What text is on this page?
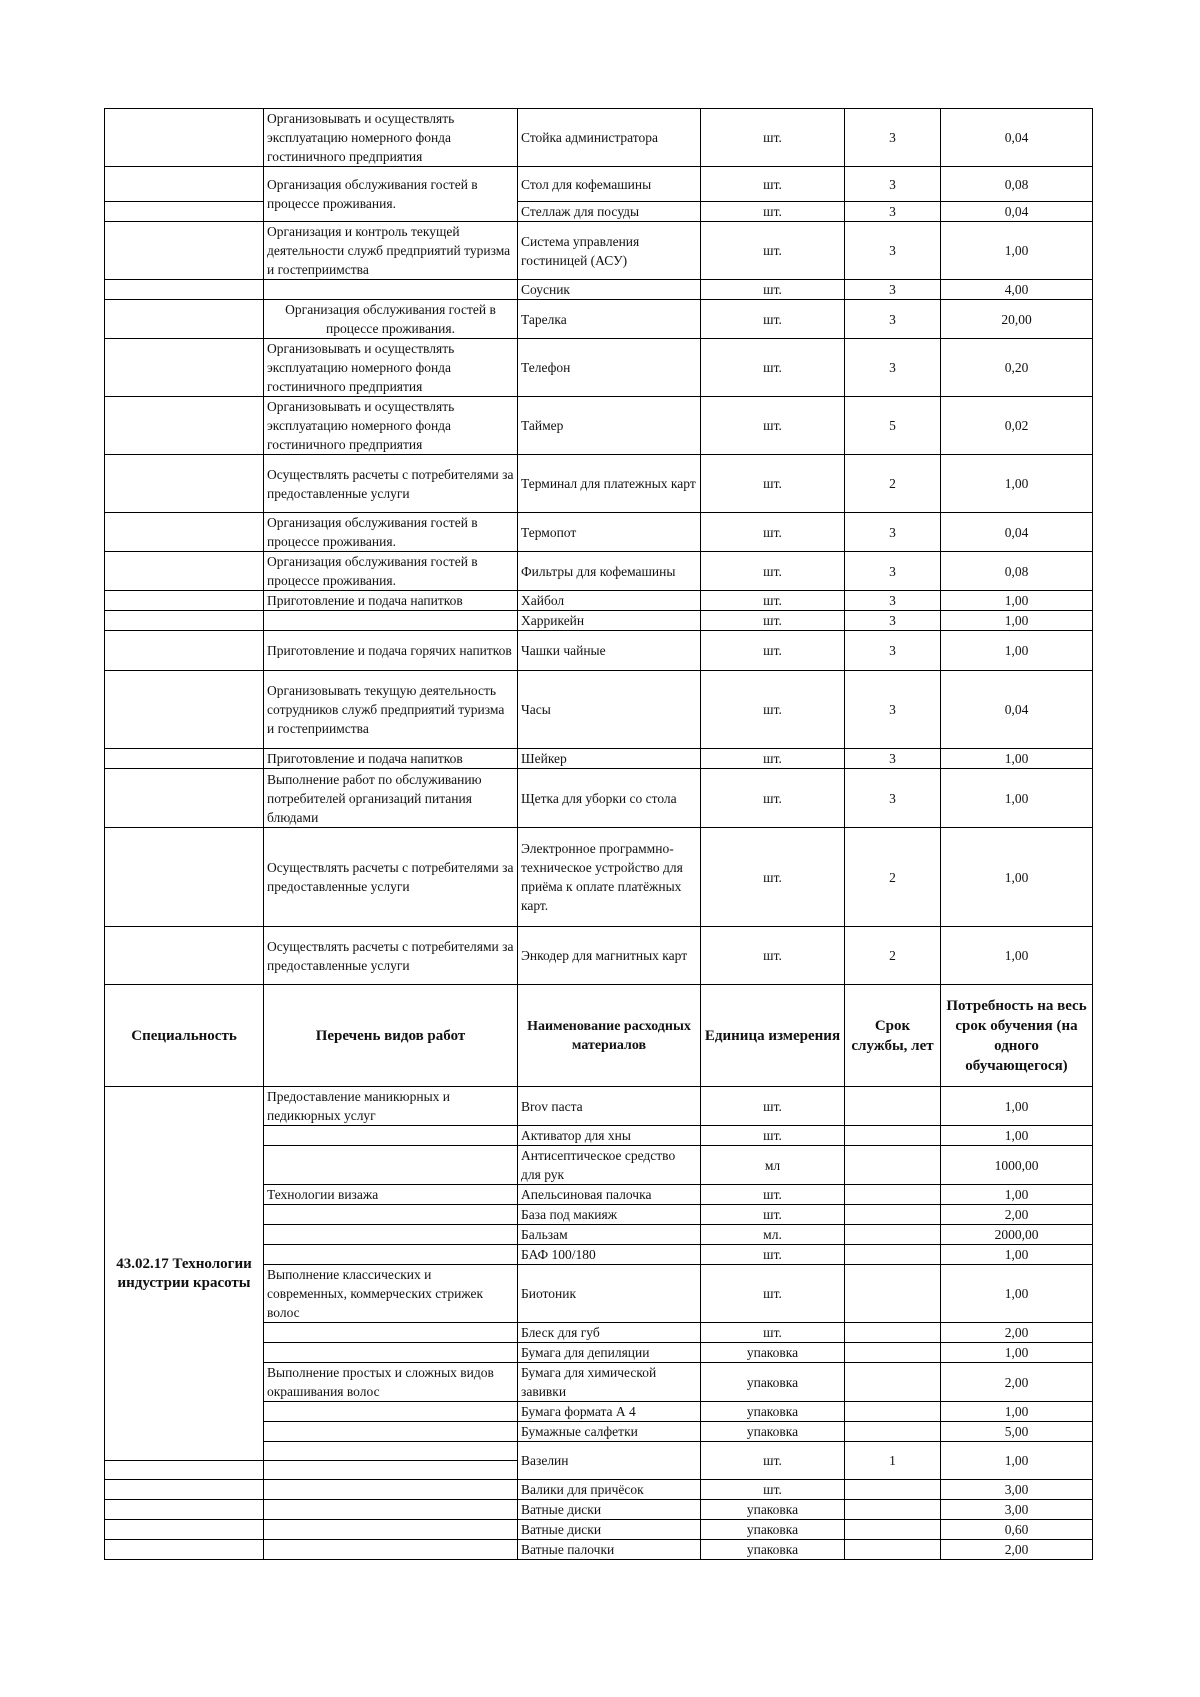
	Организовывать и осуществлять эксплуатацию номерного фонда гостиничного предприятия	Стойка администратора	шт.	3	0,04
	Организация обслуживания гостей в процессе проживания.	Стол для кофемашины	шт.	3	0,08
		Стеллаж для посуды	шт.	3	0,04
	Организация и контроль текущей деятельности служб предприятий туризма и гостеприимства	Система управления гостиницей (АСУ)	шт.	3	1,00
		Соусник	шт.	3	4,00
	Организация обслуживания гостей в процессе проживания.	Тарелка	шт.	3	20,00
	Организовывать и осуществлять эксплуатацию номерного фонда гостиничного предприятия	Телефон	шт.	3	0,20
	Организовывать и осуществлять эксплуатацию номерного фонда гостиничного предприятия	Таймер	шт.	5	0,02
	Осуществлять расчеты с потребителями за предоставленные услуги	Терминал для платежных карт	шт.	2	1,00
	Организация обслуживания гостей в процессе проживания.	Термопот	шт.	3	0,04
	Организация обслуживания гостей в процессе проживания.	Фильтры для кофемашины	шт.	3	0,08
	Приготовление и подача напитков	Хайбол	шт.	3	1,00
		Харрикейн	шт.	3	1,00
	Приготовление и подача горячих напитков	Чашки чайные	шт.	3	1,00
	Организовывать текущую деятельность сотрудников служб предприятий туризма и гостеприимства	Часы	шт.	3	0,04
	Приготовление и подача напитков	Шейкер	шт.	3	1,00
	Выполнение работ по обслуживанию потребителей организаций питания блюдами	Щетка для уборки со стола	шт.	3	1,00
	Осуществлять расчеты с потребителями за предоставленные услуги	Электронное программно-техническое устройство для приёма к оплате платёжных карт.	шт.	2	1,00
	Осуществлять расчеты с потребителями за предоставленные услуги	Энкодер для магнитных карт	шт.	2	1,00
Специальность	Перечень видов работ	Наименование расходных материалов	Единица измерения	Срок службы, лет	Потребность на весь срок обучения (на одного обучающегося)
43.02.17 Технологии индустрии красоты	Предоставление маникюрных и педикюрных услуг	Brov паста	шт.		1,00
		Активатор для хны	шт.		1,00
		Антисептическое средство для рук	мл		1000,00
	Технологии визажа	Апельсиновая палочка	шт.		1,00
		База под макияж	шт.		2,00
		Бальзам	мл.		2000,00
		БАФ 100/180	шт.		1,00
	Выполнение классических и современных, коммерческих стрижек волос	Биотоник	шт.		1,00
		Блеск для губ	шт.		2,00
		Бумага для депиляции	упаковка		1,00
	Выполнение простых и сложных видов окрашивания волос	Бумага для химической завивки	упаковка		2,00
		Бумага формата А 4	упаковка		1,00
		Бумажные салфетки	упаковка		5,00
		Вазелин	шт.	1	1,00

		Валики для причёсок	шт.		3,00
		Ватные диски	упаковка		3,00
		Ватные диски	упаковка		0,60
		Ватные палочки	упаковка		2,00
